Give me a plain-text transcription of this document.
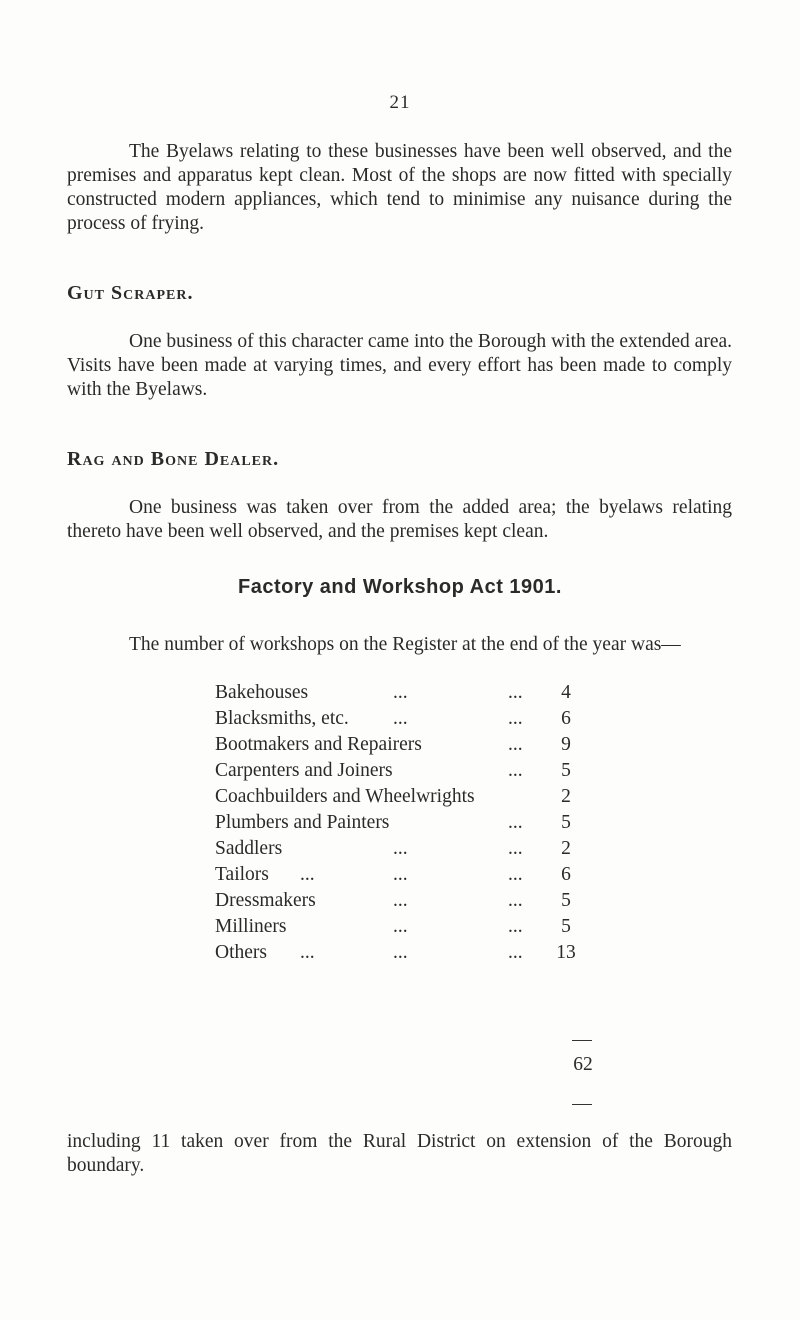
21

The Byelaws relating to these businesses have been well observed, and the premises and apparatus kept clean. Most of the shops are now fitted with specially constructed modern appliances, which tend to minimise any nuisance during the process of frying.

Gut Scraper.

One business of this character came into the Borough with the extended area. Visits have been made at varying times, and every effort has been made to comply with the Byelaws.

Rag and Bone Dealer.

One business was taken over from the added area; the byelaws relating thereto have been well observed, and the premises kept clean.

Factory and Workshop Act 1901.

The number of workshops on the Register at the end of the year was—

Bakehouses	...	...	4
Blacksmiths, etc. ...	...	6
Bootmakers and Repairers	...	9
Carpenters and Joiners	...	5
Coachbuilders and Wheelwrights	2
Plumbers and Painters	...	5
Saddlers	...	...	2
Tailors ...	...	...	6
Dressmakers	...	...	5
Milliners	...	...	5
Others ...	...	... 13
62

including 11 taken over from the Rural District on extension of the Borough boundary.
